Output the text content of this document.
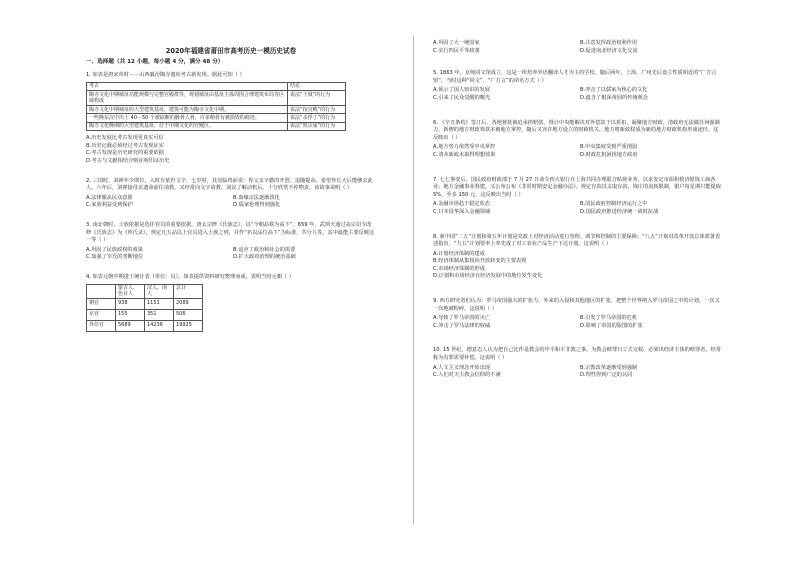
2020年福建省莆田市高考历史一模历史试卷
一、选择题（共 12 小题，每小题 4 分，满分 48 分）
1. 如表是唐宋帝时－－山西襄汾陶寺遗址考古新发现。据此可知（ ）
考古	结论
陶寺文化中期城址功能规模与完整宫殿群等，规划城址由基址主体周围合理建筑布局等区域构成	说法“王城”的行为
陶寺文化中期城址的大型建筑基址，建筑可能为陶寺文化中期。	说法“按宫殿”的行为
一些晚东汉中出土 40－50 个被砍断的骸骨人骨，许多稍骨有被损毁的痕迹。	说法“杀俘丁”的行为
陶寺文化晚期的大型建筑基址，位于中期文化的宫殿区。	说法“毁宗庙”的行为
A.历史发展比考古发现更真实可信
B.历史记载必须经过考古发现证实
C.考古发现是历史研究的重要依据
D.考古与文献相结合则证明印证历史
2. 三国时，刘禅年少即位，入时有依世文字。七岁时，其母临终前说：你父亲辛勤的开创，追随提高，希望你长大后能够去此人。六年后，刘禅接母亲遗命前往请教，又经常向文字请教。刘议了解动机后，十分欣赏不停物责。该故事说明（ ）
A.法律服从民众意愿	B.血缘宗法逐渐淡化
C.家族利益受到保护	D.儒家伦理得到强化
3. 南北朝时，士族依据是选任官员的重要依据。唐太宗修《氏族志》，以“今朝品秩为高下”。659 年，武则天通过高宗诏令改修《氏族志》为《姓氏录》，规定凡五品以上官员进入士族之列，并作“名以品位高下”为标准，共分九等。其中最能主要反映这一等（ ）
A.巩固了民族政权的成果	B.适应了政治和社会的需要
C.加强了宰氏的垄断地位	D.扩大政府治理的统治基础
4. 如表元朝中期进士统计表（单位：员）。如表提供资料研究整理而成，表明当时元朝（ ）
	蒙古人、色目人	汉人、南人	总计
朝官	938	1151	2089
京官	155	351	506
外任官	5689	14236	19925
A.巩固了大一统国家	B.注意发挥政治权利作用
C.实行四民平等政策	D.促进南北经济文化交流
5. 1863 年，京师同文馆成立，这是一所培养外语翻译人才为主的学校。随后两年，上海、广州先后设立性质相近的“广方言馆”。当时这种“同文”、“广方言”的命名方式（ ）
A.预示了国人知识的发展	B.冲击了以儒家为核心的文化
C.引来了民众觉醒的曙光	D.蕴含了根深蒂固的传统观念
6. 《辛丑条约》签订后，各地督抚被迫承担赔款，督计中央能解决对外偿款于以折扣，凝聚地方财政。清政府无法做任何强制力，新增的地方财政筹款本被地方掌控，随后又容许地方设立的财政机关。地方将新政权成为新的地方财政机构形成途径。这反映出（ ）
A.地方势力依然受中央掌控	B.中央集权受到严重削弱
C.清末新政未取得理想效果	D.财政危机困扰地方政府
7. 七七事变后，国民政府财政部于 7 月 27 日命令四大银行在上海共同办理联合贴现业务，以求安定市面和救济银钱工商各业；地方金融事业筹建，又公布公布《非常时期安定金融办法》，规定存款以支取存款，钱庄的流转限制，银户每星期只能提取 5%，至多 150 元，这反映出当时（ ）
A.金融市场趋于稳定状态	B.国民政府控制经济运行之中
C.日本侵华深入金融领域	D.国民政府推进经济统一战时抗战
8. 新中国“二五”计划和第五年计划是党政上对经济活动进行管理、调节和控制的主要保障；“八五”计划对改革开放总体部署表述指出，“九五”计划要率上率先成了对工农业产品生产下达计划。这说明（ ）
A.计划经济体制的建成
B.经济体制从集权向开放转变的主要表现
C.市场经济体制的形成
D.计划和市场经济在经济发展中的地位发生变化
9. 西方研究者们认为：罗马帝国强大的扩张力、外来的入侵和其他地区的扩张，把整个世界纳入罗马帝国之中的计划，一次又一次地被粉碎。这说明（ ）
A.导致了罗马帝国的灭亡	B.引发了罗马帝国的危机
C.冲击了罗马法律的权威	D.影响了帝国的版图的扩张
10. 15 世纪，德意志人认为把自己比作是教会的中平和平非教之事。为教会赎罪日立式交权，必须出经济主体的赎罪者，经常称为有罪需要补偿。这说明（ ）
A.人文主义理念开始出现	B.宗教改革逐渐受到强制
C.人们对天主教会信仰的不满	D.理性得到广泛的认同
